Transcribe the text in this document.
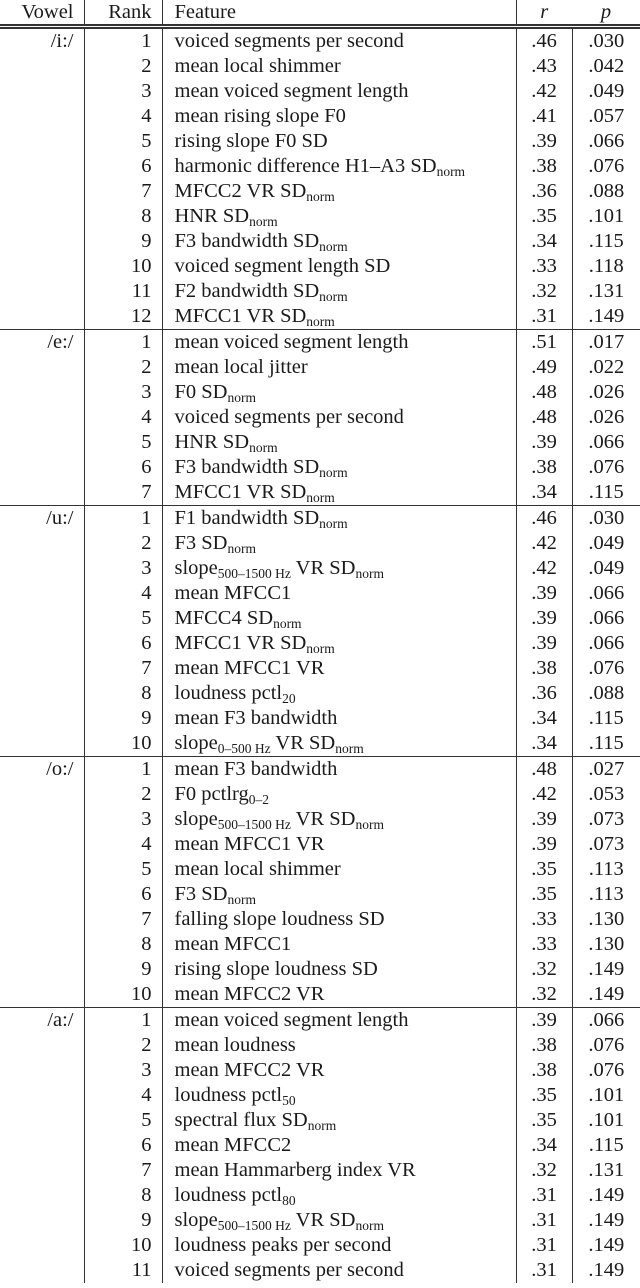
Vowel	Rank	Feature	r	p
/i:/	1	voiced segments per second	.46	.030
	2	mean local shimmer	.43	.042
	3	mean voiced segment length	.42	.049
	4	mean rising slope F0	.41	.057
	5	rising slope F0 SD	.39	.066
	6	harmonic difference H1–A3 $SD_{norm}$	.38	.076
	7	MFCC2 VR $SD_{norm}$	.36	.088
	8	HNR $SD_{norm}$	.35	.101
	9	F3 bandwidth $SD_{norm}$	.34	.115
	10	voiced segment length SD	.33	.118
	11	F2 bandwidth $SD_{norm}$	.32	.131
	12	MFCC1 VR $SD_{norm}$	.31	.149
/e:/	1	mean voiced segment length	.51	.017
	2	mean local jitter	.49	.022
	3	F0 $SD_{norm}$	.48	.026
	4	voiced segments per second	.48	.026
	5	HNR $SD_{norm}$	.39	.066
	6	F3 bandwidth $SD_{norm}$	.38	.076
	7	MFCC1 VR $SD_{norm}$	.34	.115
/u:/	1	F1 bandwidth $SD_{norm}$	.46	.030
	2	F3 $SD_{norm}$	.42	.049
	3	slope$_{500-1500 Hz}$ VR $SD_{norm}$	.42	.049
	4	mean MFCC1	.39	.066
	5	MFCC4 $SD_{norm}$	.39	.066
	6	MFCC1 VR $SD_{norm}$	.39	.066
	7	mean MFCC1 VR	.38	.076
	8	loudness pctl$_{20}$	.36	.088
	9	mean F3 bandwidth	.34	.115
	10	slope$_{0-500 Hz}$ VR $SD_{norm}$	.34	.115
/o:/	1	mean F3 bandwidth	.48	.027
	2	F0 pctlrg$_{0-2}$	.42	.053
	3	slope$_{500-1500 Hz}$ VR $SD_{norm}$	.39	.073
	4	mean MFCC1 VR	.39	.073
	5	mean local shimmer	.35	.113
	6	F3 $SD_{norm}$	.35	.113
	7	falling slope loudness SD	.33	.130
	8	mean MFCC1	.33	.130
	9	rising slope loudness SD	.32	.149
	10	mean MFCC2 VR	.32	.149
/a:/	1	mean voiced segment length	.39	.066
	2	mean loudness	.38	.076
	3	mean MFCC2 VR	.38	.076
	4	loudness pctl$_{50}$	.35	.101
	5	spectral flux $SD_{norm}$	.35	.101
	6	mean MFCC2	.34	.115
	7	mean Hammarberg index VR	.32	.131
	8	loudness pctl$_{80}$	.31	.149
	9	slope$_{500-1500 Hz}$ VR $SD_{norm}$	.31	.149
	10	loudness peaks per second	.31	.149
	11	voiced segments per second	.31	.149
